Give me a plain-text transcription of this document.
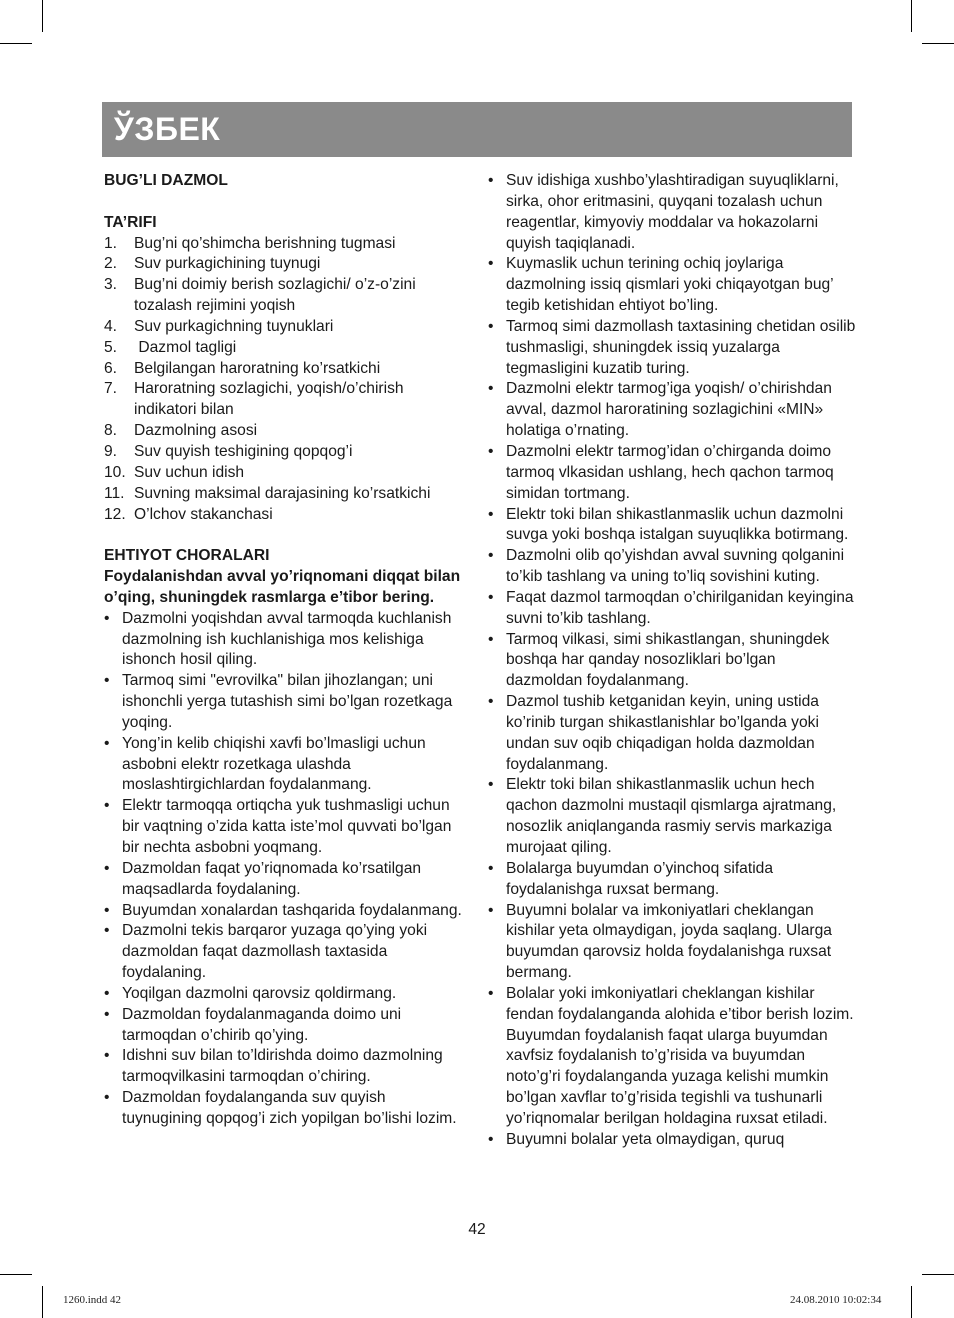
ЎЗБЕК
BUG’LI DAZMOL
TA’RIFI
1. Bug’ni qo’shimcha berishning tugmasi
2. Suv purkagichining tuynugi
3. Bug’ni doimiy berish sozlagichi/ o’z-o’zini tozalash rejimini yoqish
4. Suv purkagichning tuynuklari
5. Dazmol tagligi
6. Belgilangan haroratning ko’rsatkichi
7. Haroratning sozlagichi, yoqish/o’chirish indikatori bilan
8. Dazmolning asosi
9. Suv quyish teshigining qopqog’i
10. Suv uchun idish
11. Suvning maksimal darajasining ko’rsatkichi
12. O’lchov stakanchasi
EHTIYOT CHORALARI
Foydalanishdan avval yo’riqnomani diqqat bilan o’qing, shuningdek rasmlarga e’tibor bering.
• Dazmolni yoqishdan avval tarmoqda kuchlanish dazmolning ish kuchlanishiga mos kelishiga ishonch hosil qiling.
• Tarmoq simi "evrovilka" bilan jihozlangan; uni ishonchli yerga tutashish simi bo’lgan rozetkaga yoqing.
• Yong’in kelib chiqishi xavfi bo’lmasligi uchun asbobni elektr rozetkaga ulashda moslashtirgichlardan foydalanmang.
• Elektr tarmoqqa ortiqcha yuk tushmasligi uchun bir vaqtning o’zida katta iste’mol quvvati bo’lgan bir nechta asbobni yoqmang.
• Dazmoldan faqat yo’riqnomada ko’rsatilgan maqsadlarda foydalaning.
• Buyumdan xonalardan tashqarida foydalanmang.
• Dazmolni tekis barqaror yuzaga qo’ying yoki dazmoldan faqat dazmollash taxtasida foydalaning.
• Yoqilgan dazmolni qarovsiz qoldirmang.
• Dazmoldan foydalanmaganda doimo uni tarmoqdan o’chirib qo’ying.
• Idishni suv bilan to’ldirishda doimo dazmolning tarmoqvilkasini tarmoqdan o’chiring.
• Dazmoldan foydalanganda suv quyish tuynugining qopqog’i zich yopilgan bo’lishi lozim.
• Suv idishiga xushbo’ylashtiradigan suyuqliklarni, sirka, ohor eritmasini, quyqani tozalash uchun reagentlar, kimyoviy moddalar va hokazolarni quyish taqiqlanadi.
• Kuymaslik uchun terining ochiq joylariga dazmolning issiq qismlari yoki chiqayotgan bug’ tegib ketishidan ehtiyot bo’ling.
• Tarmoq simi dazmollash taxtasining chetidan osilib tushmasligi, shuningdek issiq yuzalarga tegmasligini kuzatib turing.
• Dazmolni elektr tarmog’iga yoqish/ o’chirishdan avval, dazmol haroratining sozlagichini «MIN» holatiga o’rnating.
• Dazmolni elektr tarmog’idan o’chirganda doimo tarmoq vlkasidan ushlang, hech qachon tarmoq simidan tortmang.
• Elektr toki bilan shikastlanmaslik uchun dazmolni suvga yoki boshqa istalgan suyuqlikka botirmang.
• Dazmolni olib qo’yishdan avval suvning qolganini to’kib tashlang va uning to’liq sovishini kuting.
• Faqat dazmol tarmoqdan o’chirilganidan keyingina suvni to’kib tashlang.
• Tarmoq vilkasi, simi shikastlangan, shuningdek boshqa har qanday nosozliklari bo’lgan dazmoldan foydalanmang.
• Dazmol tushib ketganidan keyin, uning ustida ko’rinib turgan shikastlanishlar bo’lganda yoki undan suv oqib chiqadigan holda dazmoldan foydalanmang.
• Elektr toki bilan shikastlanmaslik uchun hech qachon dazmolni mustaqil qismlarga ajratmang, nosozlik aniqlanganda rasmiy servis markaziga murojaat qiling.
• Bolalarga buyumdan o’yinchoq sifatida foydalanishga ruxsat bermang.
• Buyumni bolalar va imkoniyatlari cheklangan kishilar yeta olmaydigan, joyda saqlang. Ularga buyumdan qarovsiz holda foydalanishga ruxsat bermang.
• Bolalar yoki imkoniyatlari cheklangan kishilar fendan foydalanganda alohida e’tibor berish lozim. Buyumdan foydalanish faqat ularga buyumdan xavfsiz foydalanish to’g’risida va buyumdan noto’g’ri foydalanganda yuzaga kelishi mumkin bo’lgan xavflar to’g’risida tegishli va tushunarli yo’riqnomalar berilgan holdagina ruxsat etiladi.
• Buyumni bolalar yeta olmaydigan, quruq
42
1260.indd 42	24.08.2010 10:02:34
